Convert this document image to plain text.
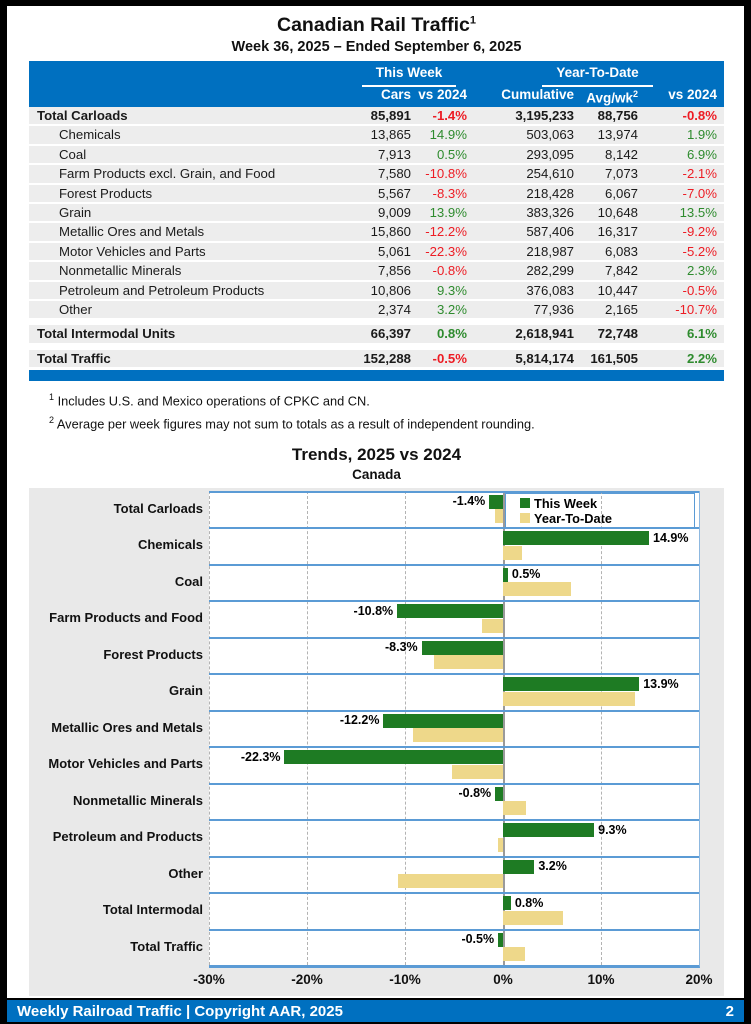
Canadian Rail Traffic$^1$
Week 36, 2025 – Ended September 6, 2025
This Week	Year-To-Date
Cars vs 2024	Cumulative Avg/$wk^2$	vs 2024
Total Carloads	85,891	-1.4%	3,195,233	88,756	-0.8%
Chemicals	13,865	14.9%	503,063	13,974	1.9%
Coal	7,913	0.5%	293,095	8,142	6.9%
Farm Products excl. Grain, and Food	7,580	-10.8%	254,610	7,073	-2.1%
Forest Products	5,567	-8.3%	218,428	6,067	-7.0%
Grain	9,009	13.9%	383,326	10,648	13.5%
Metallic Ores and Metals	15,860	-12.2%	587,406	16,317	-9.2%
Motor Vehicles and Parts	5,061	-22.3%	218,987	6,083	-5.2%
Nonmetallic Minerals	7,856	-0.8%	282,299	7,842	2.3%
Petroleum and Petroleum Products	10,806	9.3%	376,083	10,447	-0.5%
Other	2,374	3.2%	77,936	2,165	-10.7%
Total Intermodal Units	66,397	0.8%	2,618,941	72,748	6.1%
Total Traffic	152,288	-0.5%	5,814,174	161,505	2.2%
$^1$ Includes U.S. and Mexico operations of CPKC and CN.
$^2$ Average per week figures may not sum to totals as a result of independent rounding.
Trends, 2025 vs 2024
Canada
This Week
Year-To-Date
-1.4%
14.9%
0.5%
-10.8%
-8.3%
13.9%
-12.2%
-22.3%
-0.8%
9.3%
3.2%
0.8%
-0.5%
-30%	-20%	-10%	0%	10%	20%
Total Carloads
Chemicals
Coal
Farm Products and Food
Forest Products
Grain
Metallic Ores and Metals
Motor Vehicles and Parts
Nonmetallic Minerals
Petroleum and Products
Other
Total Intermodal
Total Traffic
Weekly Railroad Traffic | Copyright AAR, 2025	2
